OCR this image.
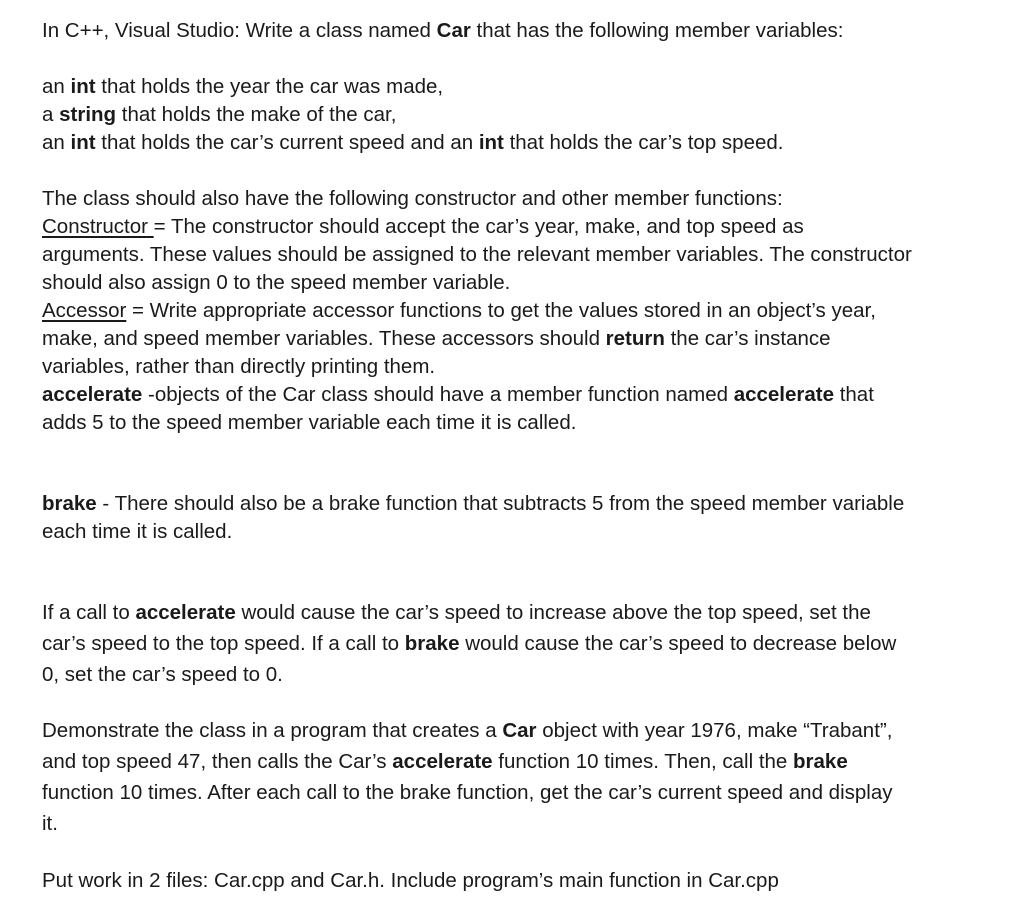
In C++, Visual Studio: Write a class named Car that has the following member variables:
an int that holds the year the car was made,
a string that holds the make of the car,
an int that holds the car’s current speed and an int that holds the car’s top speed.
The class should also have the following constructor and other member functions:
Constructor = The constructor should accept the car’s year, make, and top speed as
arguments. These values should be assigned to the relevant member variables. The constructor
should also assign 0 to the speed member variable.
Accessor = Write appropriate accessor functions to get the values stored in an object’s year,
make, and speed member variables. These accessors should return the car’s instance
variables, rather than directly printing them.
accelerate -objects of the Car class should have a member function named accelerate that
adds 5 to the speed member variable each time it is called.
brake - There should also be a brake function that subtracts 5 from the speed member variable
each time it is called.
If a call to accelerate would cause the car’s speed to increase above the top speed, set the
car’s speed to the top speed. If a call to brake would cause the car’s speed to decrease below
0, set the car’s speed to 0.
Demonstrate the class in a program that creates a Car object with year 1976, make “Trabant”,
and top speed 47, then calls the Car’s accelerate function 10 times. Then, call the brake
function 10 times. After each call to the brake function, get the car’s current speed and display
it.
Put work in 2 files: Car.cpp and Car.h. Include program’s main function in Car.cpp
